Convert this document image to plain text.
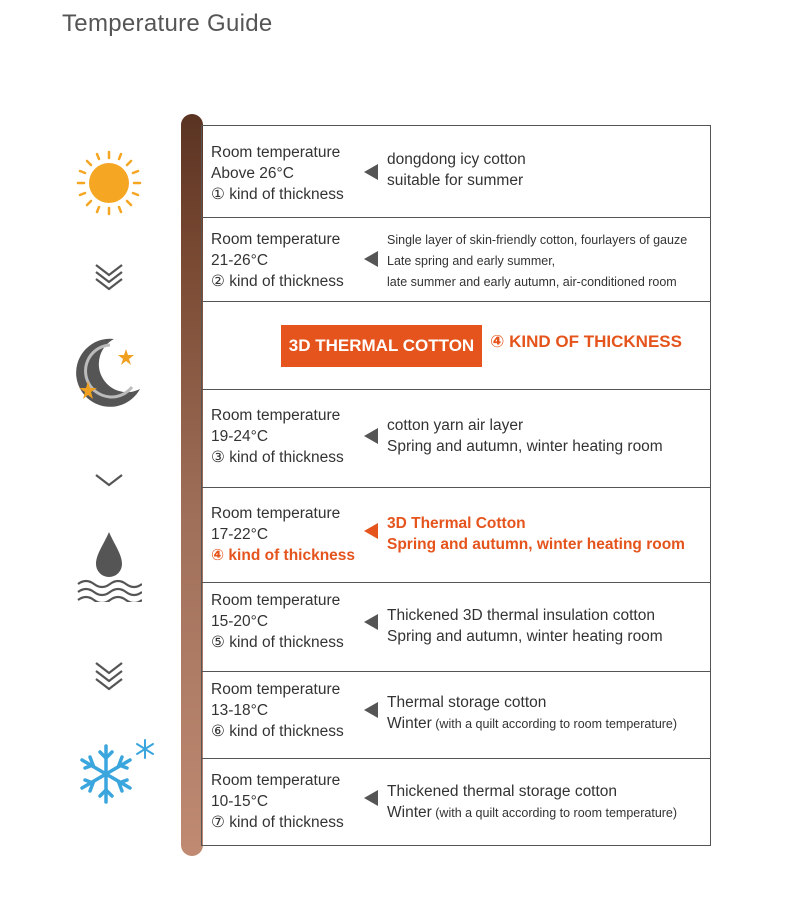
Temperature Guide
Room temperature
Above 26°C
① kind of thickness
dongdong icy cotton
suitable for summer
Room temperature
21-26°C
② kind of thickness
Single layer of skin-friendly cotton, fourlayers of gauze
Late spring and early summer,
late summer and early autumn, air-conditioned room
3D THERMAL COTTON ④ KIND OF THICKNESS
Room temperature
19-24°C
③ kind of thickness
cotton yarn air layer
Spring and autumn, winter heating room
Room temperature
17-22°C
④ kind of thickness
3D Thermal Cotton
Spring and autumn, winter heating room
Room temperature
15-20°C
⑤ kind of thickness
Thickened 3D thermal insulation cotton
Spring and autumn, winter heating room
Room temperature
13-18°C
⑥ kind of thickness
Thermal storage cotton
Winter (with a quilt according to room temperature)
Room temperature
10-15°C
⑦ kind of thickness
Thickened thermal storage cotton
Winter (with a quilt according to room temperature)
